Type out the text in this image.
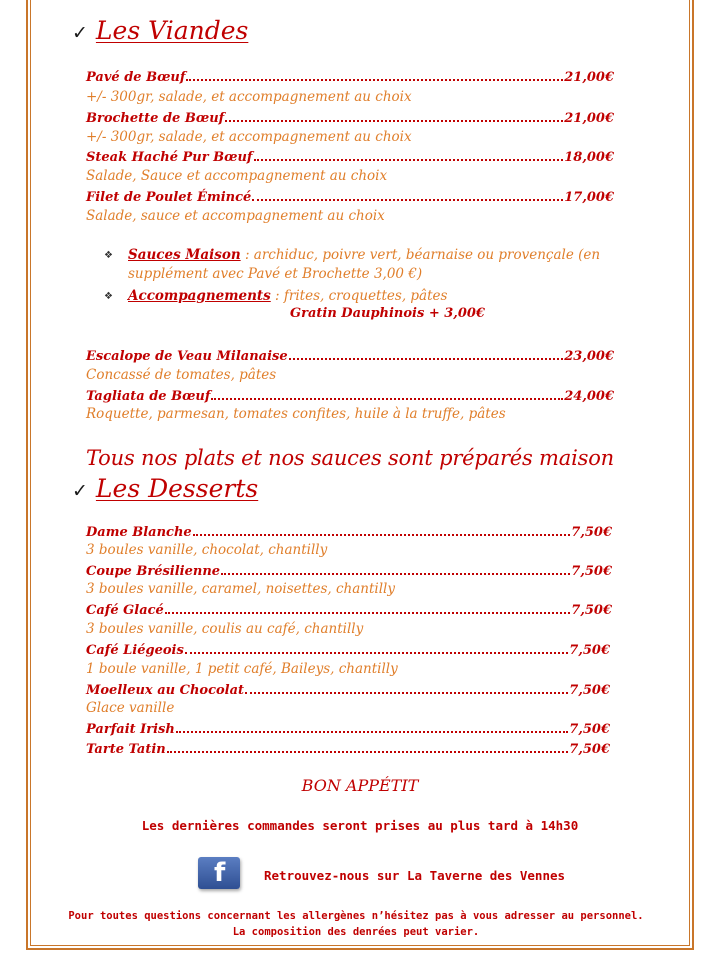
✓ Les Viandes
Pavé de Bœuf	21,00€
+/- 300gr, salade, et accompagnement au choix
Brochette de Bœuf	21,00€
+/- 300gr, salade, et accompagnement au choix
Steak Haché Pur Bœuf	18,00€
Salade, Sauce et accompagnement au choix
Filet de Poulet Émincé	17,00€
Salade, sauce et accompagnement au choix
❖ Sauces Maison : archiduc, poivre vert, béarnaise ou provençale (en supplément avec Pavé et Brochette 3,00 €)
❖ Accompagnements : frites, croquettes, pâtes
Gratin Dauphinois + 3,00€
Escalope de Veau Milanaise	23,00€
Concassé de tomates, pâtes
Tagliata de Bœuf	24,00€
Roquette, parmesan, tomates confites, huile à la truffe, pâtes
Tous nos plats et nos sauces sont préparés maison
✓ Les Desserts
Dame Blanche	7,50€
3 boules vanille, chocolat, chantilly
Coupe Brésilienne	7,50€
3 boules vanille, caramel, noisettes, chantilly
Café Glacé	7,50€
3 boules vanille, coulis au café, chantilly
Café Liégeois	7,50€
1 boule vanille, 1 petit café, Baileys, chantilly
Moelleux au Chocolat	7,50€
Glace vanille
Parfait Irish	7,50€
Tarte Tatin	7,50€
BON APPÉTIT
Les dernières commandes seront prises au plus tard à 14h30
f	Retrouvez-nous sur La Taverne des Vennes
Pour toutes questions concernant les allergènes n’hésitez pas à vous adresser au personnel.
La composition des denrées peut varier.
